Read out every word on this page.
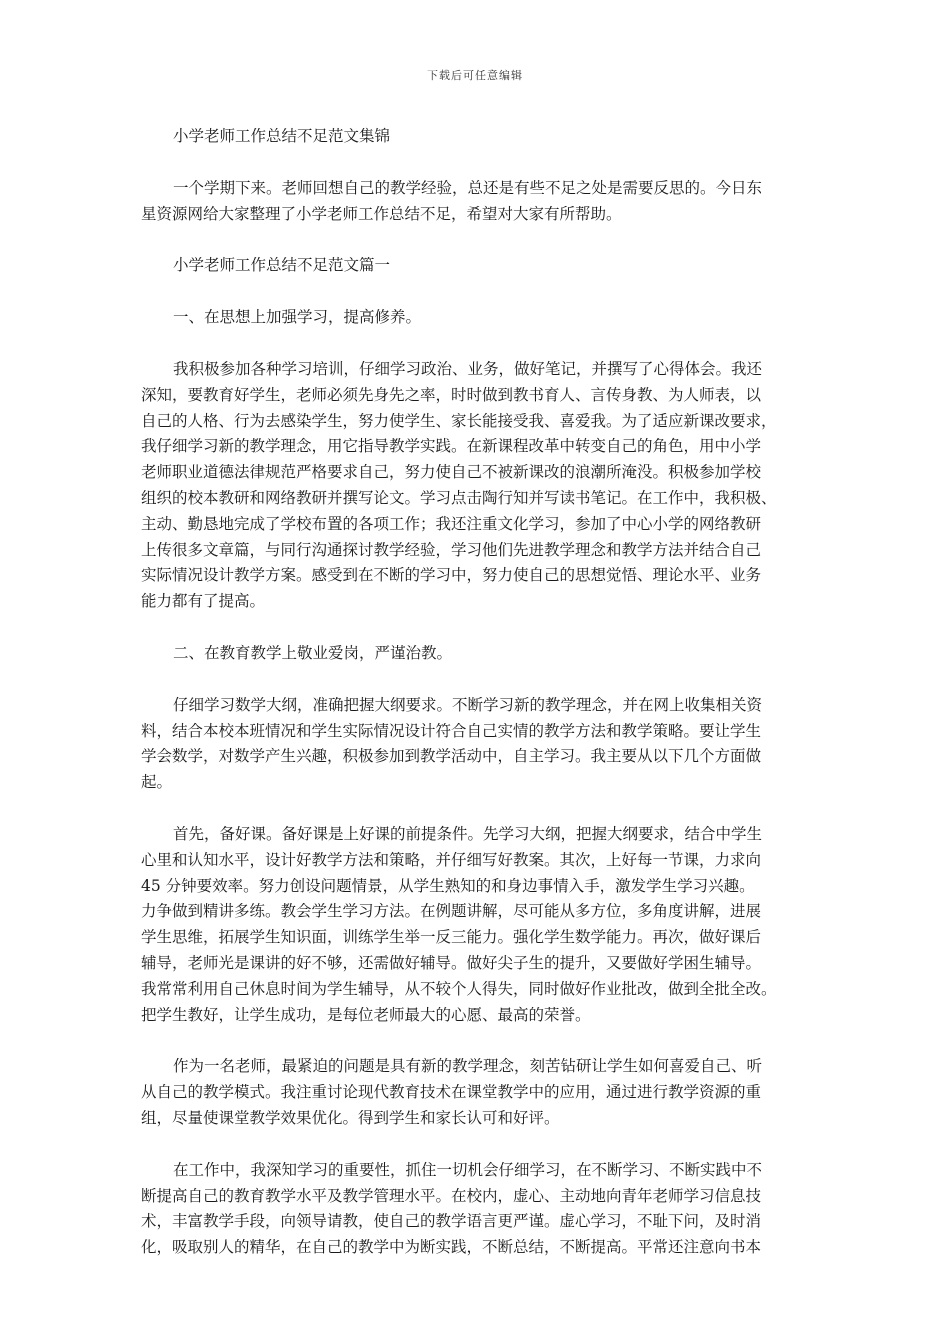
下载后可任意编辑

小学老师工作总结不足范文集锦

一个学期下来。老师回想自己的教学经验，总还是有些不足之处是需要反思的。今日东
星资源网给大家整理了小学老师工作总结不足，希望对大家有所帮助。

小学老师工作总结不足范文篇一

一、在思想上加强学习，提高修养。

我积极参加各种学习培训，仔细学习政治、业务，做好笔记，并撰写了心得体会。我还
深知，要教育好学生，老师必须先身先之率，时时做到教书育人、言传身教、为人师表，以
自己的人格、行为去感染学生，努力使学生、家长能接受我、喜爱我。为了适应新课改要求，
我仔细学习新的教学理念，用它指导教学实践。在新课程改革中转变自己的角色，用中小学
老师职业道德法律规范严格要求自己，努力使自己不被新课改的浪潮所淹没。积极参加学校
组织的校本教研和网络教研并撰写论文。学习点击陶行知并写读书笔记。在工作中，我积极、
主动、勤恳地完成了学校布置的各项工作；我还注重文化学习，参加了中心小学的网络教研
上传很多文章篇，与同行沟通探讨教学经验，学习他们先进教学理念和教学方法并结合自己
实际情况设计教学方案。感受到在不断的学习中，努力使自己的思想觉悟、理论水平、业务
能力都有了提高。

二、在教育教学上敬业爱岗，严谨治教。

仔细学习数学大纲，准确把握大纲要求。不断学习新的教学理念，并在网上收集相关资
料，结合本校本班情况和学生实际情况设计符合自己实情的教学方法和教学策略。要让学生
学会数学，对数学产生兴趣，积极参加到教学活动中，自主学习。我主要从以下几个方面做
起。

首先，备好课。备好课是上好课的前提条件。先学习大纲，把握大纲要求，结合中学生
心里和认知水平，设计好教学方法和策略，并仔细写好教案。其次，上好每一节课，力求向
45 分钟要效率。努力创设问题情景，从学生熟知的和身边事情入手，激发学生学习兴趣。
力争做到精讲多练。教会学生学习方法。在例题讲解，尽可能从多方位，多角度讲解，进展
学生思维，拓展学生知识面，训练学生举一反三能力。强化学生数学能力。再次，做好课后
辅导，老师光是课讲的好不够，还需做好辅导。做好尖子生的提升，又要做好学困生辅导。
我常常利用自己休息时间为学生辅导，从不较个人得失，同时做好作业批改，做到全批全改。
把学生教好，让学生成功，是每位老师最大的心愿、最高的荣誉。

作为一名老师，最紧迫的问题是具有新的教学理念，刻苦钻研让学生如何喜爱自己、听
从自己的教学模式。我注重讨论现代教育技术在课堂教学中的应用，通过进行教学资源的重
组，尽量使课堂教学效果优化。得到学生和家长认可和好评。

在工作中，我深知学习的重要性，抓住一切机会仔细学习，在不断学习、不断实践中不
断提高自己的教育教学水平及教学管理水平。在校内，虚心、主动地向青年老师学习信息技
术，丰富教学手段，向领导请教，使自己的教学语言更严谨。虚心学习，不耻下问，及时消
化，吸取别人的精华，在自己的教学中为断实践，不断总结，不断提高。平常还注意向书本
